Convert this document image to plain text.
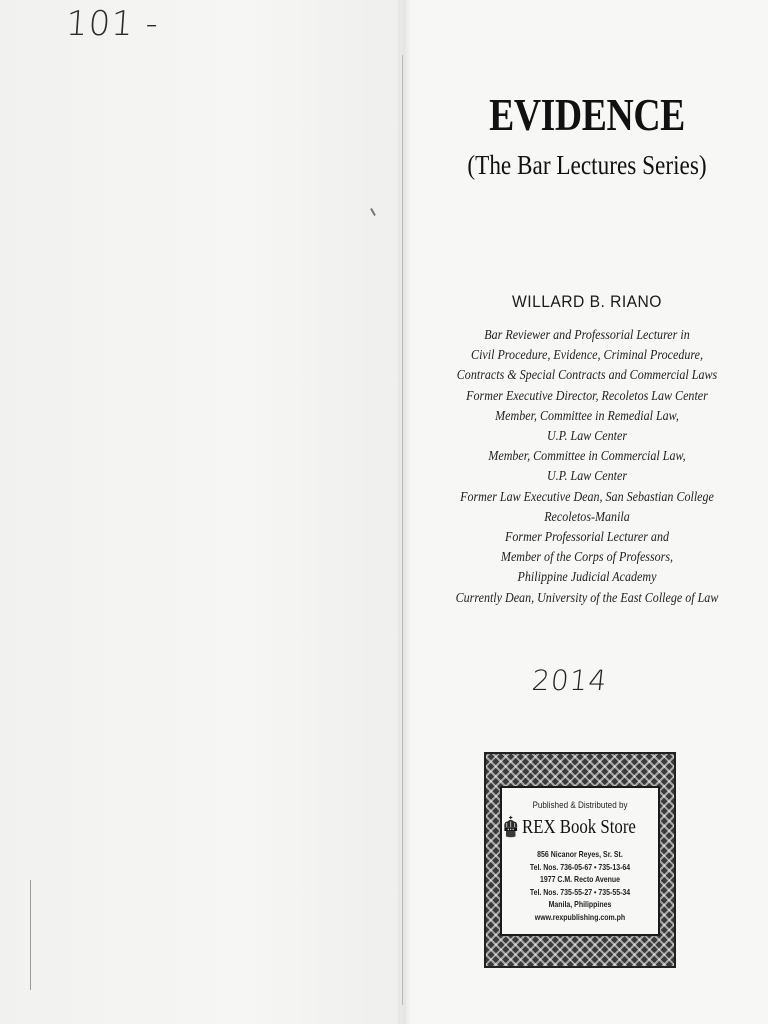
101 -
EVIDENCE
(The Bar Lectures Series)
WILLARD B. RIANO
Bar Reviewer and Professorial Lecturer in
Civil Procedure, Evidence, Criminal Procedure,
Contracts & Special Contracts and Commercial Laws
Former Executive Director, Recoletos Law Center
Member, Committee in Remedial Law,
U.P. Law Center
Member, Committee in Commercial Law,
U.P. Law Center
Former Law Executive Dean, San Sebastian College
Recoletos-Manila
Former Professorial Lecturer and
Member of the Corps of Professors,
Philippine Judicial Academy
Currently Dean, University of the East College of Law
2014
Published & Distributed by
REX Book Store
856 Nicanor Reyes, Sr. St.
Tel. Nos. 736-05-67 • 735-13-64
1977 C.M. Recto Avenue
Tel. Nos. 735-55-27 • 735-55-34
Manila, Philippines
www.rexpublishing.com.ph
